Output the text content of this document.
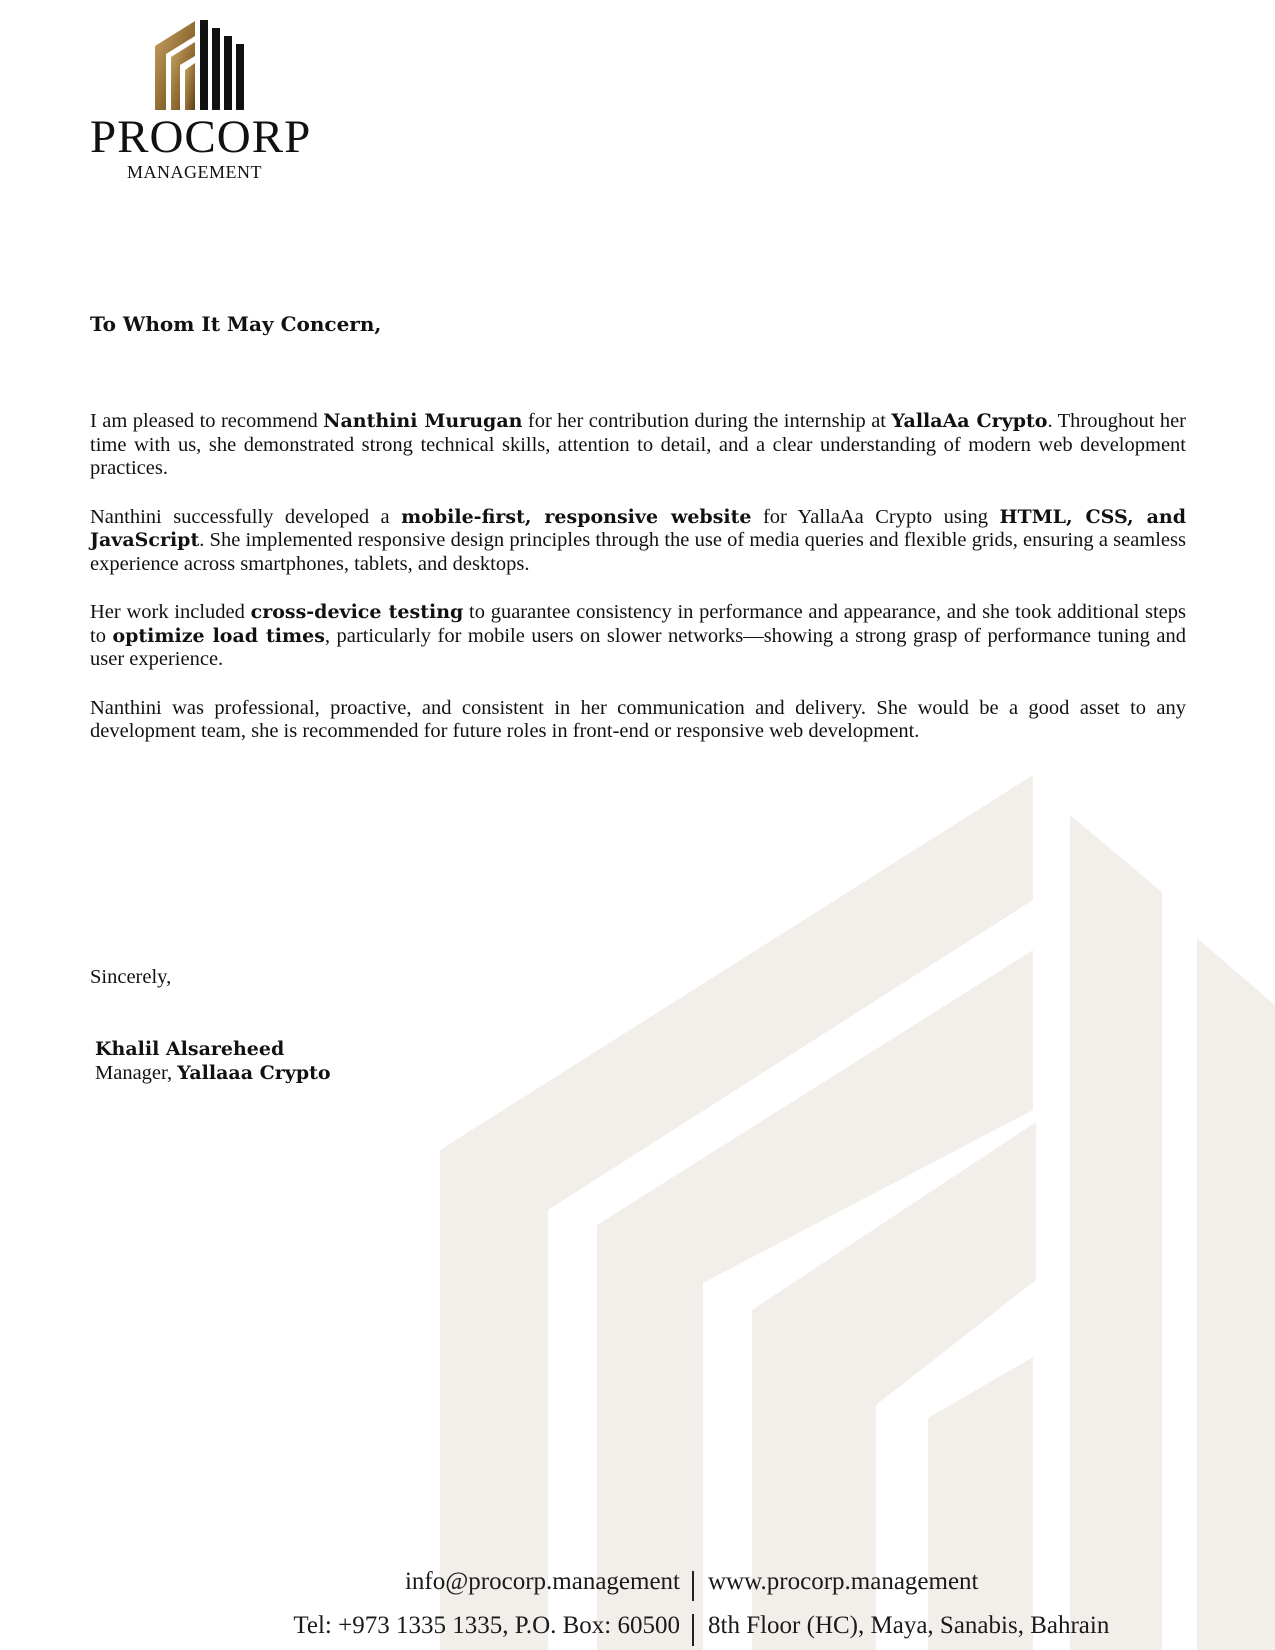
PROCORP
MANAGEMENT
To Whom It May Concern,

I am pleased to recommend Nanthini Murugan for her contribution during the internship at YallaAa Crypto. Throughout her time with us, she demonstrated strong technical skills, attention to detail, and a clear understanding of modern web development practices.

Nanthini successfully developed a mobile-first, responsive website for YallaAa Crypto using HTML, CSS, and JavaScript. She implemented responsive design principles through the use of media queries and flexible grids, ensuring a seamless experience across smartphones, tablets, and desktops.

Her work included cross-device testing to guarantee consistency in performance and appearance, and she took additional steps to optimize load times, particularly for mobile users on slower networks—showing a strong grasp of performance tuning and user experience.

Nanthini was professional, proactive, and consistent in her communication and delivery. She would be a good asset to any development team, she is recommended for future roles in front-end or responsive web development.

Sincerely,
Khalil Alsareheed
Manager, Yallaaa Crypto
info@procorp.management www.procorp.management
Tel: +973 1335 1335, P.O. Box: 60500 8th Floor (HC), Maya, Sanabis, Bahrain
